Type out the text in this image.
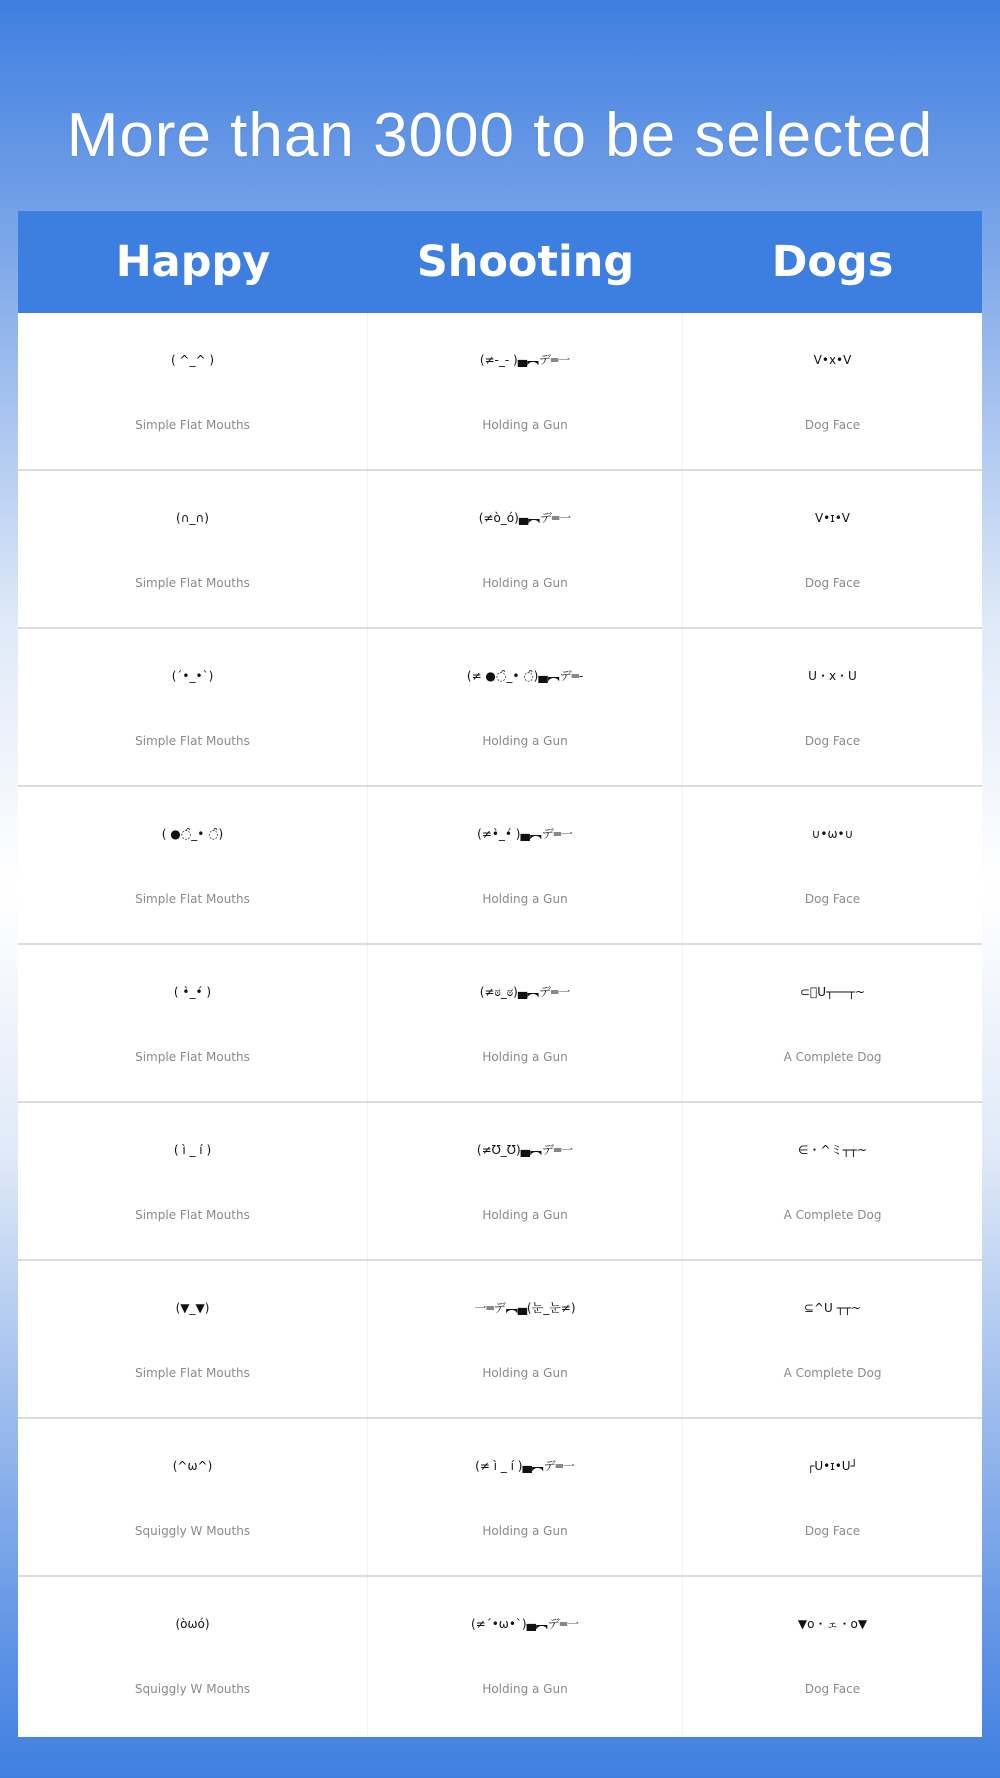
More than 3000 to be selected
Happy	Shooting	Dogs
( ^_^ )
Simple Flat Mouths
(≠-_- )▄︻デ═一
Holding a Gun
V•x•V
Dog Face
(∩_∩)
Simple Flat Mouths
(≠ò_ó)▄︻デ═一
Holding a Gun
V•ɪ•V
Dog Face
(´•_•`)
Simple Flat Mouths
(≠ ●◌̑_• ◌̑)▄︻デ═-
Holding a Gun
U・x・U
Dog Face
( ●◌̑_• ◌̑)
Simple Flat Mouths
(≠•̀_•́ )▄︻デ═一
Holding a Gun
∪•ω•∪
Dog Face
( •̀_•́ )
Simple Flat Mouths
(≠ಠ_ಠ)▄︻デ═一
Holding a Gun
⊂ﾟU┬──┬~
A Complete Dog
( ì _ í )
Simple Flat Mouths
(≠Ʊ_Ʊ)▄︻デ═一
Holding a Gun
∈・^ミ┬┬~
A Complete Dog
(▼_▼)
Simple Flat Mouths
一═デ︻▄(눈_눈≠)
Holding a Gun
⊆^U ┬┬~
A Complete Dog
(^ω^)
Squiggly W Mouths
(≠ ì _ í )▄︻デ═一
Holding a Gun
┌U•ɪ•U┘
Dog Face
(òωó)
Squiggly W Mouths
(≠´•ω•`)▄︻デ═一
Holding a Gun
▼o・ェ・o▼
Dog Face
